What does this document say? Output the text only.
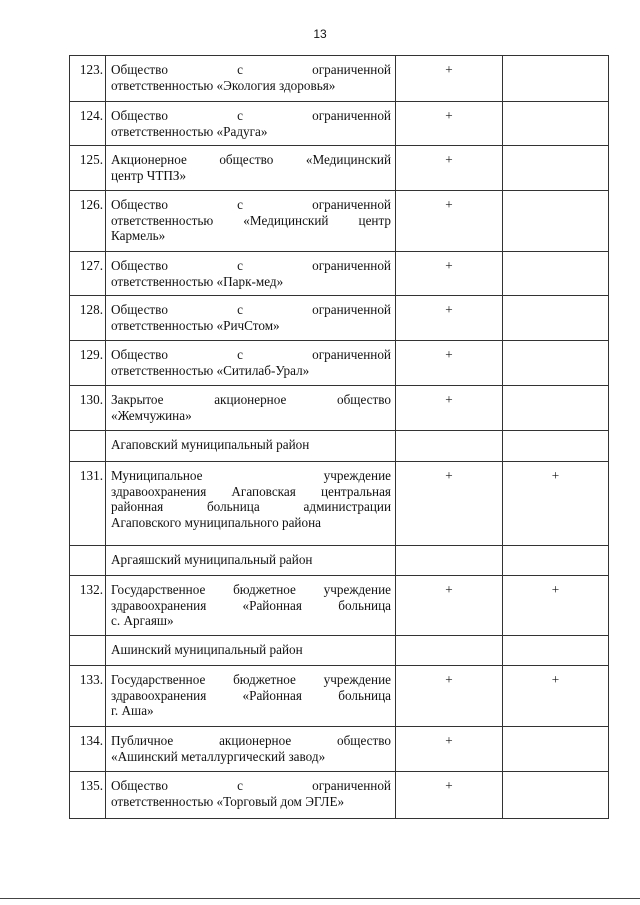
13
123.	Общество с ограниченной
ответственностью «Экология здоровья»	+	
124.	Общество с ограниченной
ответственностью «Радуга»	+	
125.	Акционерное общество «Медицинский
центр ЧТПЗ»	+	
126.	Общество с ограниченной
ответственностью «Медицинский центр
Кармель»	+	
127.	Общество с ограниченной
ответственностью «Парк-мед»	+	
128.	Общество с ограниченной
ответственностью «РичСтом»	+	
129.	Общество с ограниченной
ответственностью «Ситилаб-Урал»	+	
130.	Закрытое акционерное общество
«Жемчужина»	+	
	Агаповский муниципальный район		
131.	Муниципальное учреждение
здравоохранения Агаповская центральная
районная больница администрации
Агаповского муниципального района	+	+
	Аргаяшский муниципальный район		
132.	Государственное бюджетное учреждение
здравоохранения «Районная больница
с. Аргаяш»	+	+
	Ашинский муниципальный район		
133.	Государственное бюджетное учреждение
здравоохранения «Районная больница
г. Аша»	+	+
134.	Публичное акционерное общество
«Ашинский металлургический завод»	+	
135.	Общество с ограниченной
ответственностью «Торговый дом ЭГЛЕ»	+	
